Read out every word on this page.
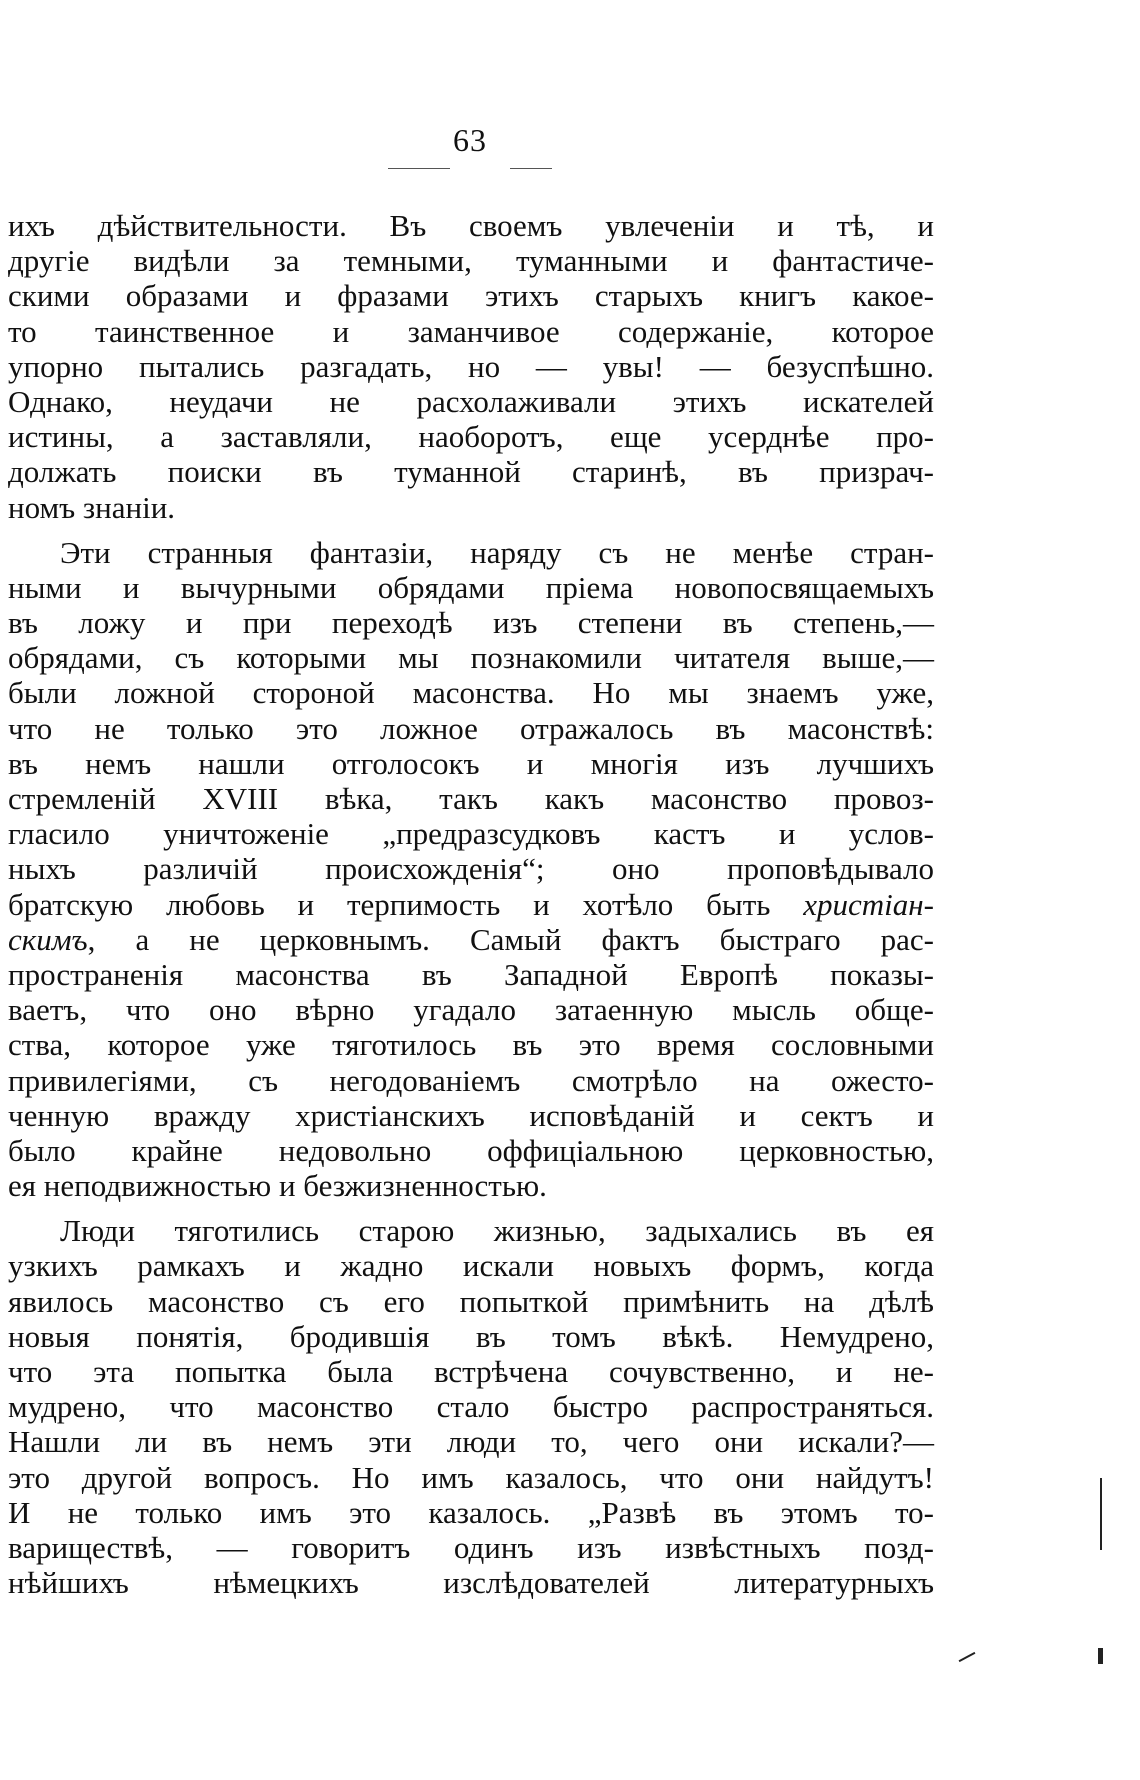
63
ихъ дѣйствительности. Въ своемъ увлеченіи и тѣ, и
другіе видѣли за темными, туманными и фантастиче-
скими образами и фразами этихъ старыхъ книгъ какое-
то таинственное и заманчивое содержаніе, которое
упорно пытались разгадать, но — увы! — безуспѣшно.
Однако, неудачи не расхолаживали этихъ искателей
истины, а заставляли, наоборотъ, еще усерднѣе про-
должать поиски въ туманной старинѣ, въ призрач-
номъ знаніи.
Эти странныя фантазіи, наряду съ не менѣе стран-
ными и вычурными обрядами пріема новопосвящаемыхъ
въ ложу и при переходѣ изъ степени въ степень,—
обрядами, съ которыми мы познакомили читателя выше,—
были ложной стороной масонства. Но мы знаемъ уже,
что не только это ложное отражалось въ масонствѣ:
въ немъ нашли отголосокъ и многія изъ лучшихъ
стремленій XVIII вѣка, такъ какъ масонство провоз-
гласило уничтоженіе „предразсудковъ кастъ и услов-
ныхъ различій происхожденія“; оно проповѣдывало
братскую любовь и терпимость и хотѣло быть христіан-
скимъ, а не церковнымъ. Самый фактъ быстраго рас-
пространенія масонства въ Западной Европѣ показы-
ваетъ, что оно вѣрно угадало затаенную мысль обще-
ства, которое уже тяготилось въ это время сословными
привилегіями, съ негодованіемъ смотрѣло на ожесто-
ченную вражду христіанскихъ исповѣданій и сектъ и
было крайне недовольно оффиціальною церковностью,
ея неподвижностью и безжизненностью.
Люди тяготились старою жизнью, задыхались въ ея
узкихъ рамкахъ и жадно искали новыхъ формъ, когда
явилось масонство съ его попыткой примѣнить на дѣлѣ
новыя понятія, бродившія въ томъ вѣкѣ. Немудрено,
что эта попытка была встрѣчена сочувственно, и не-
мудрено, что масонство стало быстро распространяться.
Нашли ли въ немъ эти люди то, чего они искали?—
это другой вопросъ. Но имъ казалось, что они найдутъ!
И не только имъ это казалось. „Развѣ въ этомъ то-
вариществѣ, — говоритъ одинъ изъ извѣстныхъ позд-
нѣйшихъ нѣмецкихъ изслѣдователей литературныхъ
